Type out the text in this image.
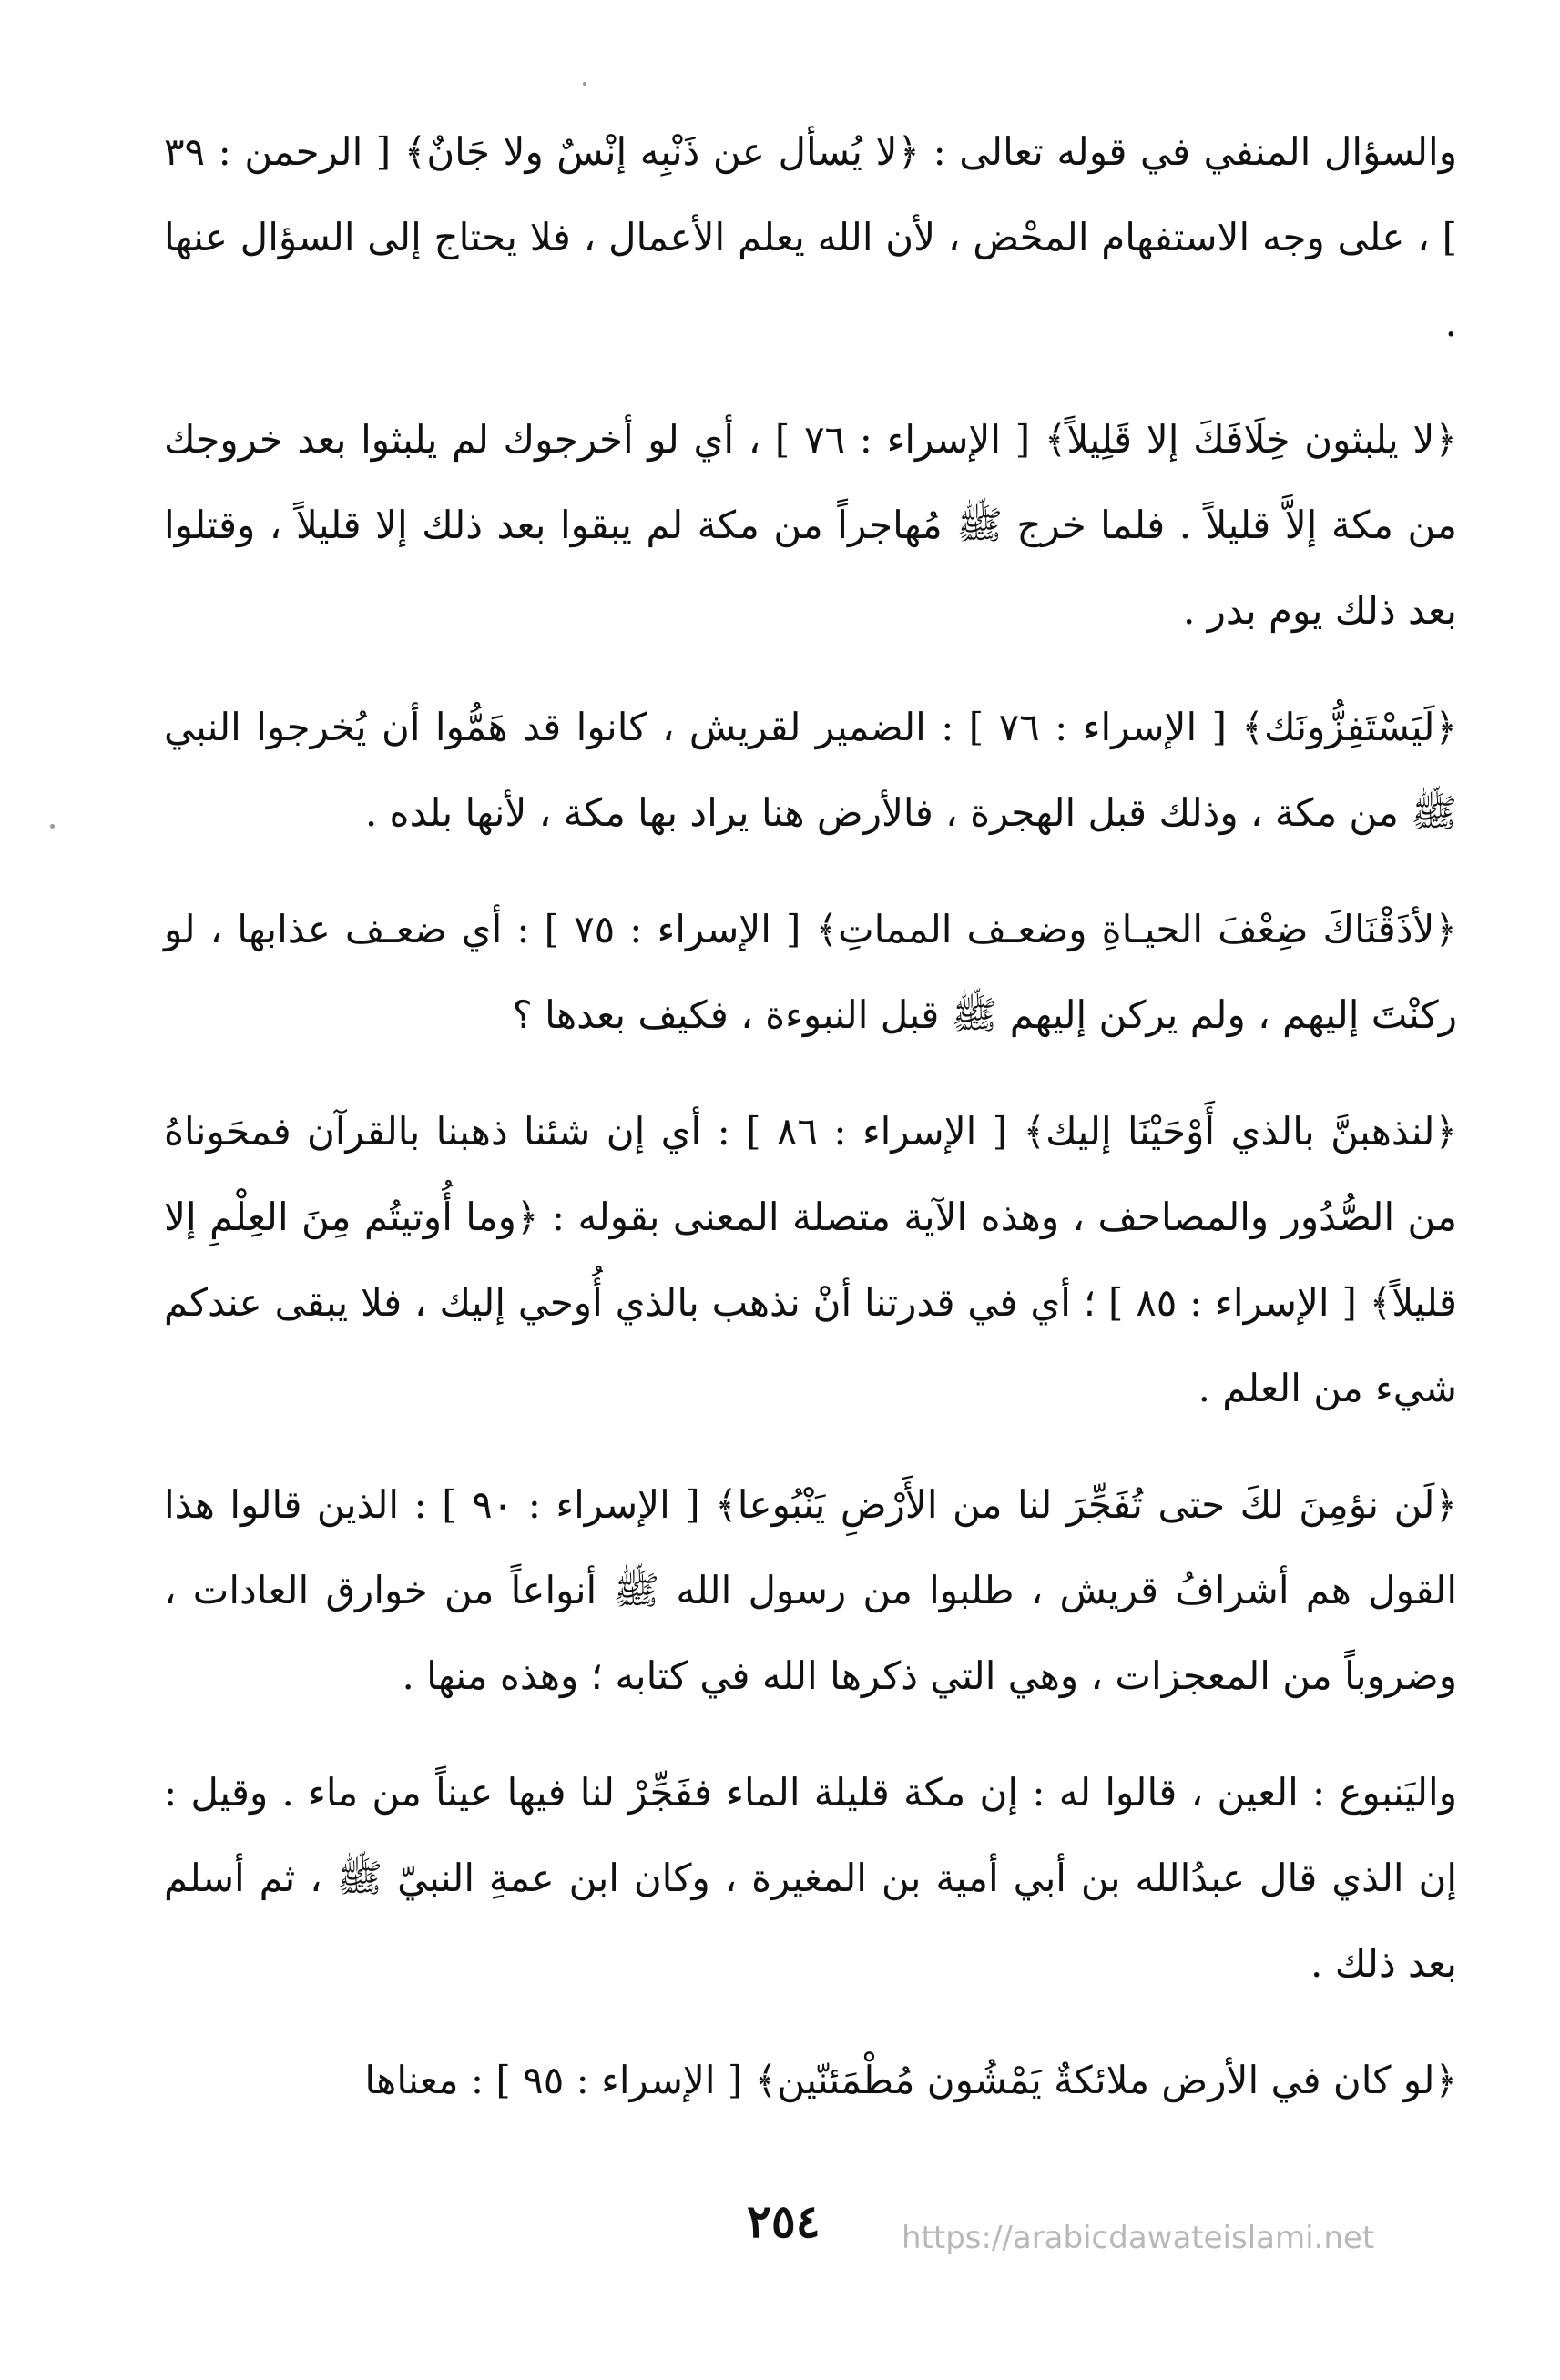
والسؤال المنفي في قوله تعالى : ﴿لا يُسأل عن ذَنْبِه إنْسٌ ولا جَانٌ﴾ [ الرحمن : ٣٩ ] ، على وجه الاستفهام المحْض ، لأن الله يعلم الأعمال ، فلا يحتاج إلى السؤال عنها .

﴿لا يلبثون خِلَافَكَ إلا قَلِيلاً﴾ [ الإسراء : ٧٦ ] ، أي لو أخرجوك لم يلبثوا بعد خروجك من مكة إلاَّ قليلاً . فلما خرج ﷺ مُهاجراً من مكة لم يبقوا بعد ذلك إلا قليلاً ، وقتلوا بعد ذلك يوم بدر .

﴿لَيَسْتَفِزُّونَك﴾ [ الإسراء : ٧٦ ] : الضمير لقريش ، كانوا قد هَمُّوا أن يُخرجوا النبي ﷺ من مكة ، وذلك قبل الهجرة ، فالأرض هنا يراد بها مكة ، لأنها بلده .

﴿لأذَقْنَاكَ ضِعْفَ الحيـاةِ وضعـف المماتِ﴾ [ الإسراء : ٧٥ ] : أي ضعـف عذابها ، لو ركنْتَ إليهم ، ولم يركن إليهم ﷺ قبل النبوءة ، فكيف بعدها ؟

﴿لنذهبنَّ بالذي أَوْحَيْنَا إليك﴾ [ الإسراء : ٨٦ ] : أي إن شئنا ذهبنا بالقرآن فمحَوناهُ من الصُّدُور والمصاحف ، وهذه الآية متصلة المعنى بقوله : ﴿وما أُوتيتُم مِنَ العِلْمِ إلا قليلاً﴾ [ الإسراء : ٨٥ ] ؛ أي في قدرتنا أنْ نذهب بالذي أُوحي إليك ، فلا يبقى عندكم شيء من العلم .

﴿لَن نؤمِنَ لكَ حتى تُفَجِّرَ لنا من الأَرْضِ يَنْبُوعا﴾ [ الإسراء : ٩٠ ] : الذين قالوا هذا القول هم أشرافُ قريش ، طلبوا من رسول الله ﷺ أنواعاً من خوارق العادات ، وضروباً من المعجزات ، وهي التي ذكرها الله في كتابه ؛ وهذه منها .

واليَنبوع : العين ، قالوا له : إن مكة قليلة الماء ففَجِّرْ لنا فيها عيناً من ماء . وقيل : إن الذي قال عبدُالله بن أبي أمية بن المغيرة ، وكان ابن عمةِ النبيّ ﷺ ، ثم أسلم بعد ذلك .

﴿لو كان في الأرض ملائكةٌ يَمْشُون مُطْمَئنّين﴾ [ الإسراء : ٩٥ ] : معناها

٢٥٤	https://arabicdawateislami.net
